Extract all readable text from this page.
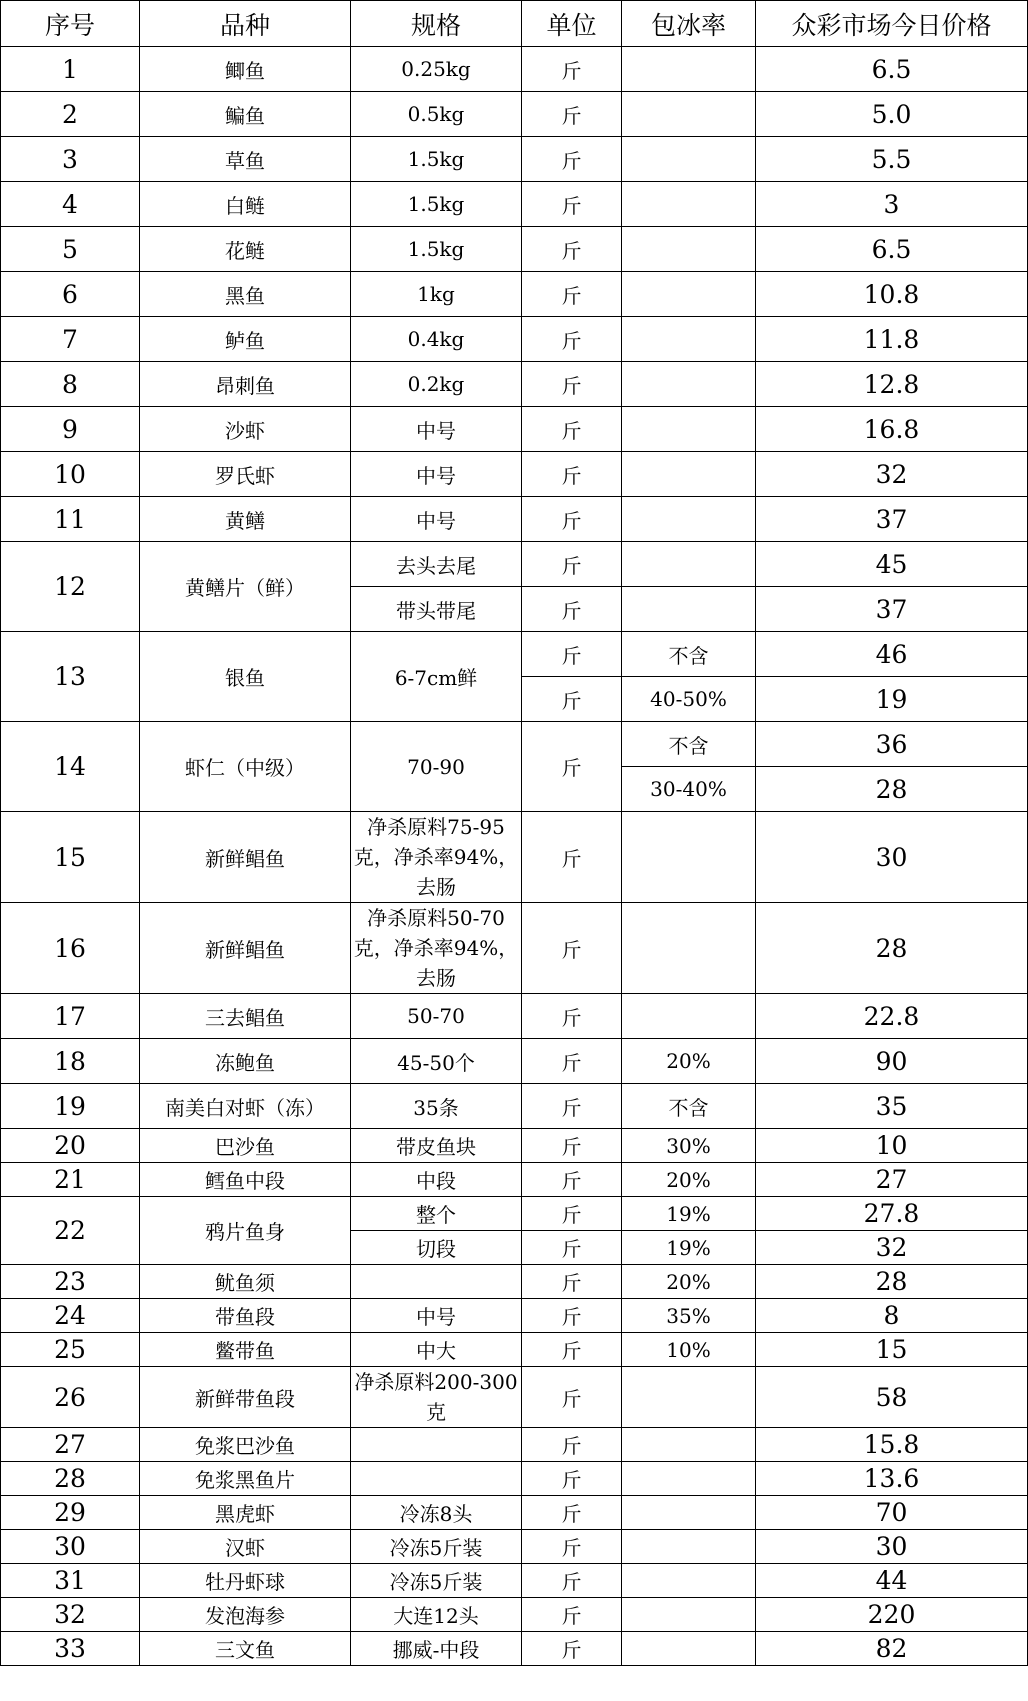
序号	品种	规格	单位	包冰率	众彩市场今日价格
1	鲫鱼	0.25kg	斤		6.5
2	鳊鱼	0.5kg	斤		5.0
3	草鱼	1.5kg	斤		5.5
4	白鲢	1.5kg	斤		3
5	花鲢	1.5kg	斤		6.5
6	黑鱼	1kg	斤		10.8
7	鲈鱼	0.4kg	斤		11.8
8	昂刺鱼	0.2kg	斤		12.8
9	沙虾	中号	斤		16.8
10	罗氏虾	中号	斤		32
11	黄鳝	中号	斤		37
12	黄鳝片（鲜）	去头去尾	斤		45
		带头带尾	斤		37
13	银鱼	6-7cm鲜	斤	不含	46
			斤	40-50%	19
14	虾仁（中级）	70-90	斤	不含	36
				30-40%	28
15	新鲜鲳鱼	净杀原料75-95克，净杀率94%，去肠	斤		30
16	新鲜鲳鱼	净杀原料50-70克，净杀率94%，去肠	斤		28
17	三去鲳鱼	50-70	斤		22.8
18	冻鲍鱼	45-50个	斤	20%	90
19	南美白对虾（冻）	35条	斤	不含	35
20	巴沙鱼	带皮鱼块	斤	30%	10
21	鳕鱼中段	中段	斤	20%	27
22	鸦片鱼身	整个	斤	19%	27.8
		切段	斤	19%	32
23	鱿鱼须		斤	20%	28
24	带鱼段	中号	斤	35%	8
25	鳖带鱼	中大	斤	10%	15
26	新鲜带鱼段	净杀原料200-300克	斤		58
27	免浆巴沙鱼		斤		15.8
28	免浆黑鱼片		斤		13.6
29	黑虎虾	冷冻8头	斤		70
30	汉虾	冷冻5斤装	斤		30
31	牡丹虾球	冷冻5斤装	斤		44
32	发泡海参	大连12头	斤		220
33	三文鱼	挪威-中段	斤		82
